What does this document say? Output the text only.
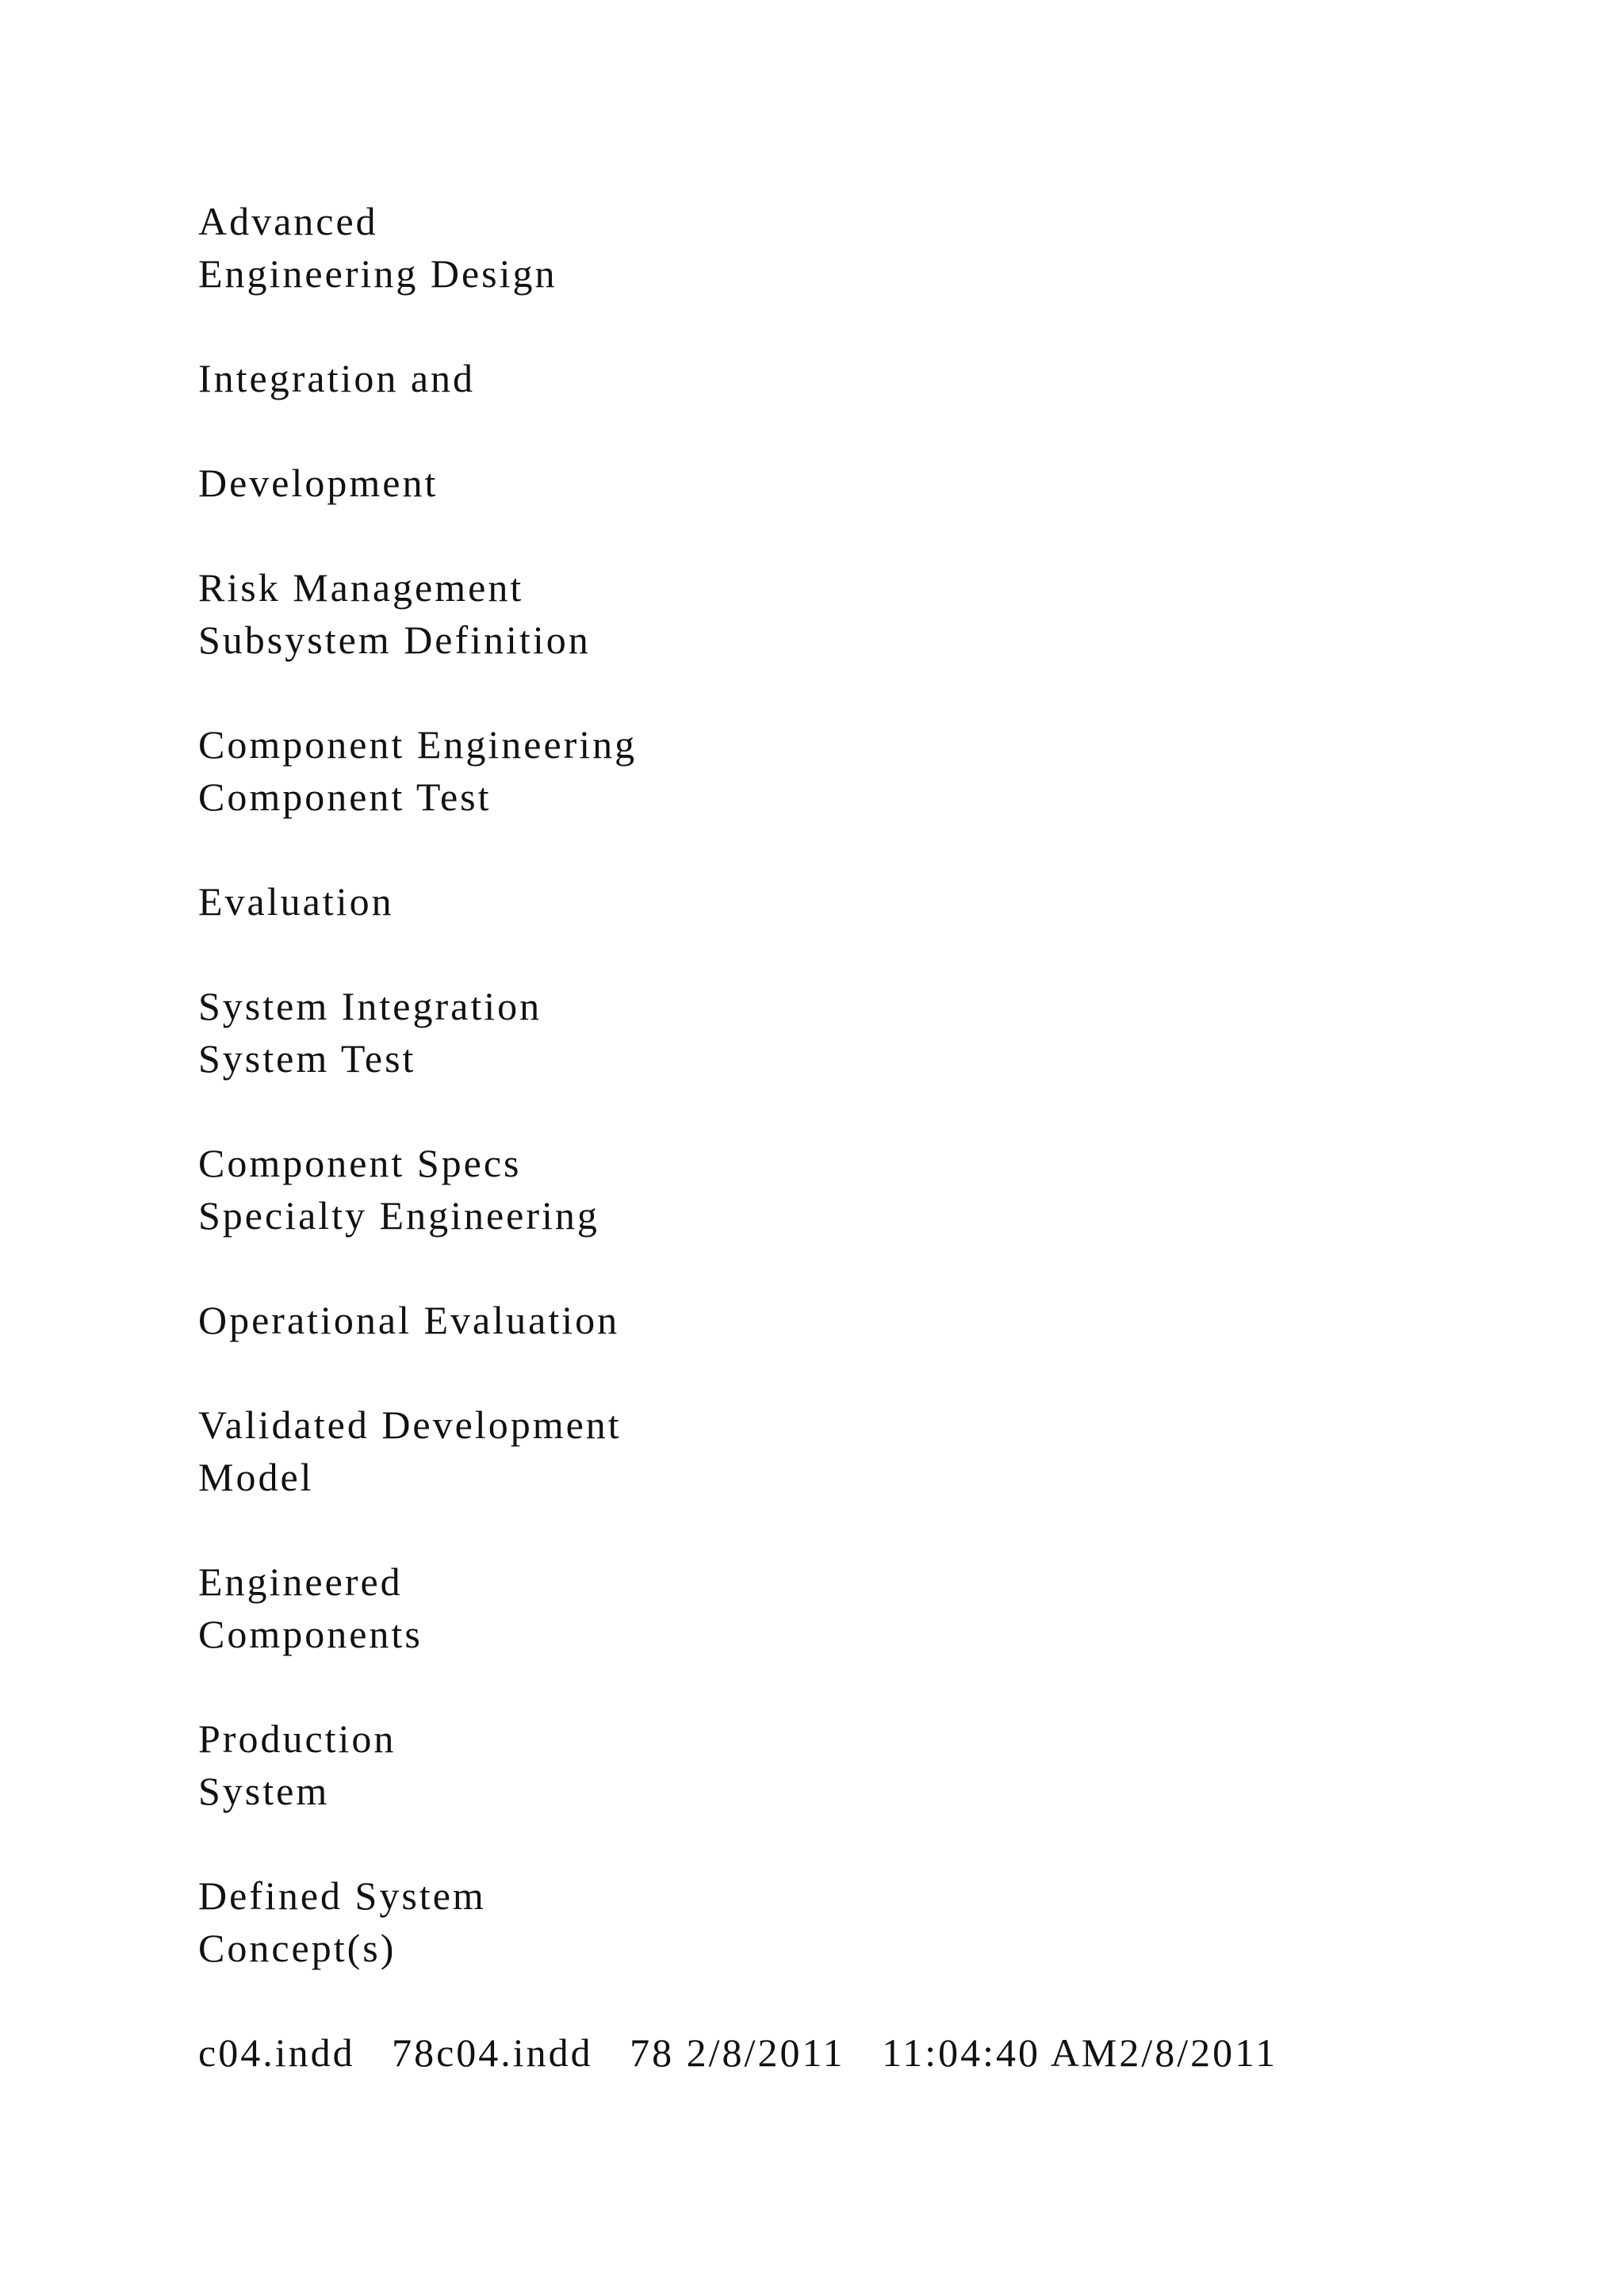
Advanced
Engineering Design
Integration and
Development
Risk Management
Subsystem Definition
Component Engineering
Component Test
Evaluation
System Integration
System Test
Component Specs
Specialty Engineering
Operational Evaluation
Validated Development
Model
Engineered
Components
Production
System
Defined System
Concept(s)
c04.indd   78c04.indd   78 2/8/2011   11:04:40 AM2/8/2011
